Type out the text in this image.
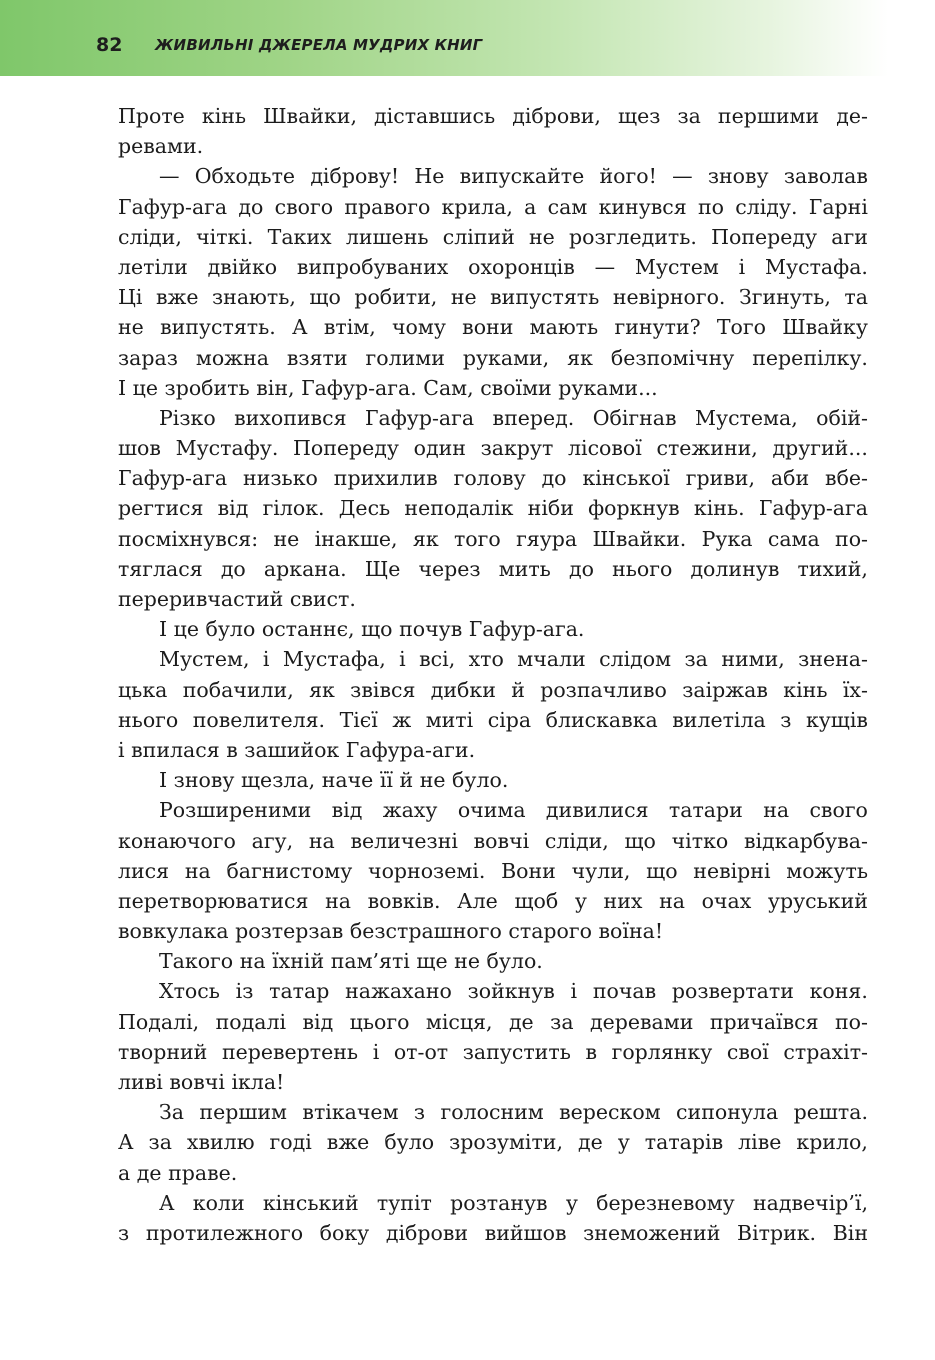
82 ЖИВИЛЬНІ ДЖЕРЕЛА МУДРИХ КНИГ
Проте кінь Швайки, діставшись діброви, щез за першими де-
ревами.
— Обходьте діброву! Не випускайте його! — знову заволав
Гафур-ага до свого правого крила, а сам кинувся по сліду. Гарні
сліди, чіткі. Таких лишень сліпий не розгледить. Попереду аги
летіли двійко випробуваних охоронців — Мустем і Мустафа.
Ці вже знають, що робити, не випустять невірного. Згинуть, та
не випустять. А втім, чому вони мають гинути? Того Швайку
зараз можна взяти голими руками, як безпомічну перепілку.
І це зробить він, Гафур-ага. Сам, своїми руками...
Різко вихопився Гафур-ага вперед. Обігнав Мустема, обій-
шов Мустафу. Попереду один закрут лісової стежини, другий...
Гафур-ага низько прихилив голову до кінської гриви, аби вбе-
регтися від гілок. Десь неподалік ніби форкнув кінь. Гафур-ага
посміхнувся: не інакше, як того гяура Швайки. Рука сама по-
тяглася до аркана. Ще через мить до нього долинув тихий,
переривчастий свист.
І це було останнє, що почув Гафур-ага.
Мустем, і Мустафа, і всі, хто мчали слідом за ними, знена-
цька побачили, як звівся дибки й розпачливо заіржав кінь їх-
нього повелителя. Тієї ж миті сіра блискавка вилетіла з кущів
і впилася в зашийок Гафура-аги.
І знову щезла, наче її й не було.
Розширеними від жаху очима дивилися татари на свого
конаючого агу, на величезні вовчі сліди, що чітко відкарбува-
лися на багнистому чорноземі. Вони чули, що невірні можуть
перетворюватися на вовків. Але щоб у них на очах уруський
вовкулака розтерзав безстрашного старого воїна!
Такого на їхній пам’яті ще не було.
Хтось із татар нажахано зойкнув і почав розвертати коня.
Подалі, подалі від цього місця, де за деревами причаївся по-
творний перевертень і от-от запустить в горлянку свої страхіт-
ливі вовчі ікла!
За першим втікачем з голосним вереском сипонула решта.
А за хвилю годі вже було зрозуміти, де у татарів ліве крило,
а де праве.
А коли кінський тупіт розтанув у березневому надвечір’ї,
з протилежного боку діброви вийшов знеможений Вітрик. Він
